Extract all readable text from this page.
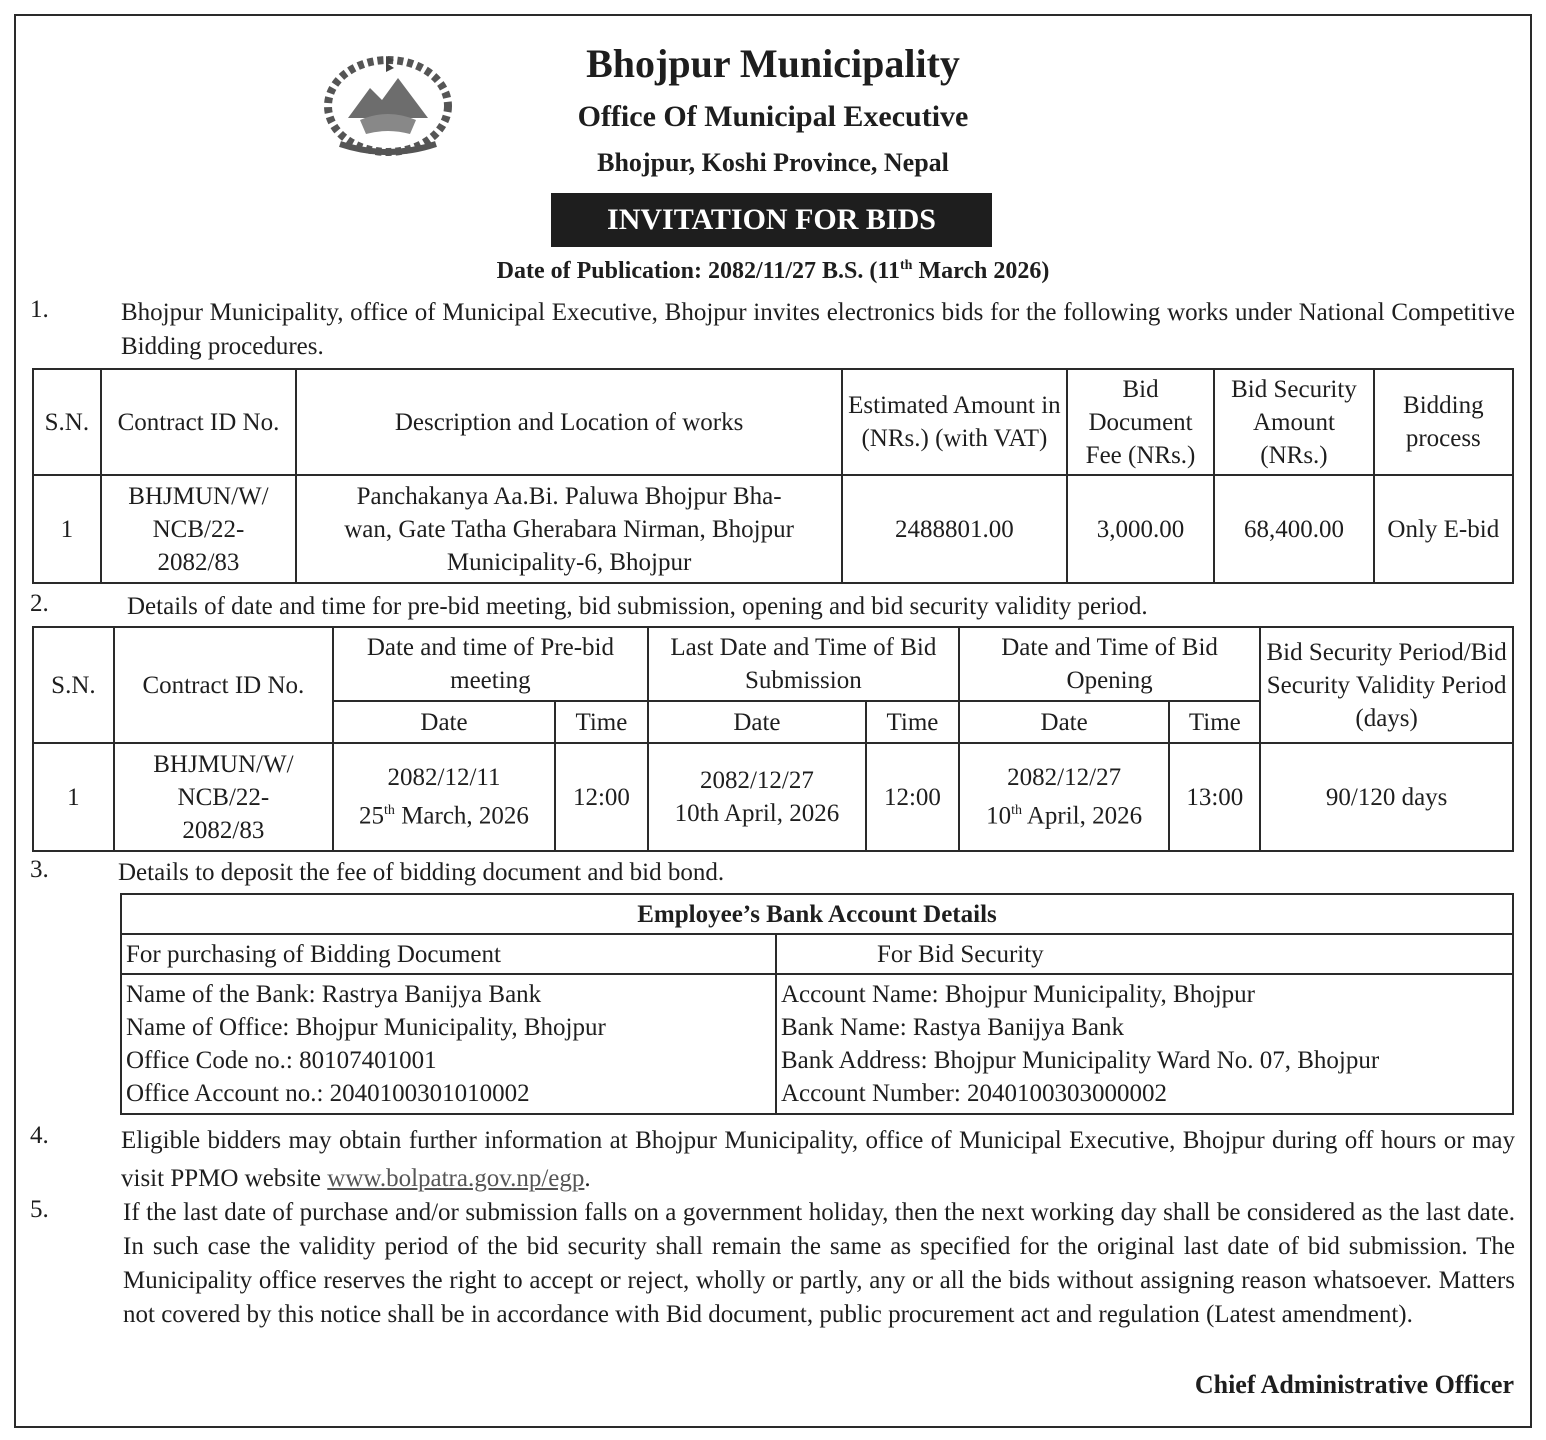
Bhojpur Municipality
Office Of Municipal Executive
Bhojpur, Koshi Province, Nepal
INVITATION FOR BIDS
Date of Publication: 2082/11/27 B.S. (11th March 2026)
1.	Bhojpur Municipality, office of Municipal Executive, Bhojpur invites electronics bids for the following works under National Competitive Bidding procedures.
S.N.	Contract ID No.	Description and Location of works	Estimated Amount in (NRs.) (with VAT)	Bid Document Fee (NRs.)	Bid Security Amount (NRs.)	Bidding process
1	BHJMUN/W/
NCB/22-
2082/83	Panchakanya Aa.Bi. Paluwa Bhojpur Bha-
wan, Gate Tatha Gherabara Nirman, Bhojpur
Municipality-6, Bhojpur	2488801.00	3,000.00	68,400.00	Only E-bid
2.	Details of date and time for pre-bid meeting, bid submission, opening and bid security validity period.
S.N.	Contract ID No.	Date and time of Pre-bid meeting		Last Date and Time of Bid Submission		Date and Time of Bid Opening		Bid Security Period/Bid Security Validity Period (days)
		Date	Time	Date	Time	Date	Time	
1	BHJMUN/W/
NCB/22-
2082/83	2082/12/11
25th March, 2026	12:00	2082/12/27
10th April, 2026	12:00	2082/12/27
10th April, 2026	13:00	90/120 days
3.	Details to deposit the fee of bidding document and bid bond.
Employee’s Bank Account Details	
For purchasing of Bidding Document	For Bid Security

Name of the Bank: Rastrya Banijya Bank
Name of Office: Bhojpur Municipality, Bhojpur
Office Code no.: 80107401001
Office Account no.: 2040100301010002	Account Name: Bhojpur Municipality, Bhojpur
Bank Name: Rastya Banijya Bank
Bank Address: Bhojpur Municipality Ward No. 07, Bhojpur
Account Number: 2040100303000002
4.	Eligible bidders may obtain further information at Bhojpur Municipality, office of Municipal Executive, Bhojpur during off hours or may visit PPMO website www.bolpatra.gov.np/egp.
5.	If the last date of purchase and/or submission falls on a government holiday, then the next working day shall be considered as the last date. In such case the validity period of the bid security shall remain the same as specified for the original last date of bid submission. The Municipality office reserves the right to accept or reject, wholly or partly, any or all the bids without assigning reason whatsoever. Matters not covered by this notice shall be in accordance with Bid document, public procurement act and regulation (Latest amendment).
Chief Administrative Officer
